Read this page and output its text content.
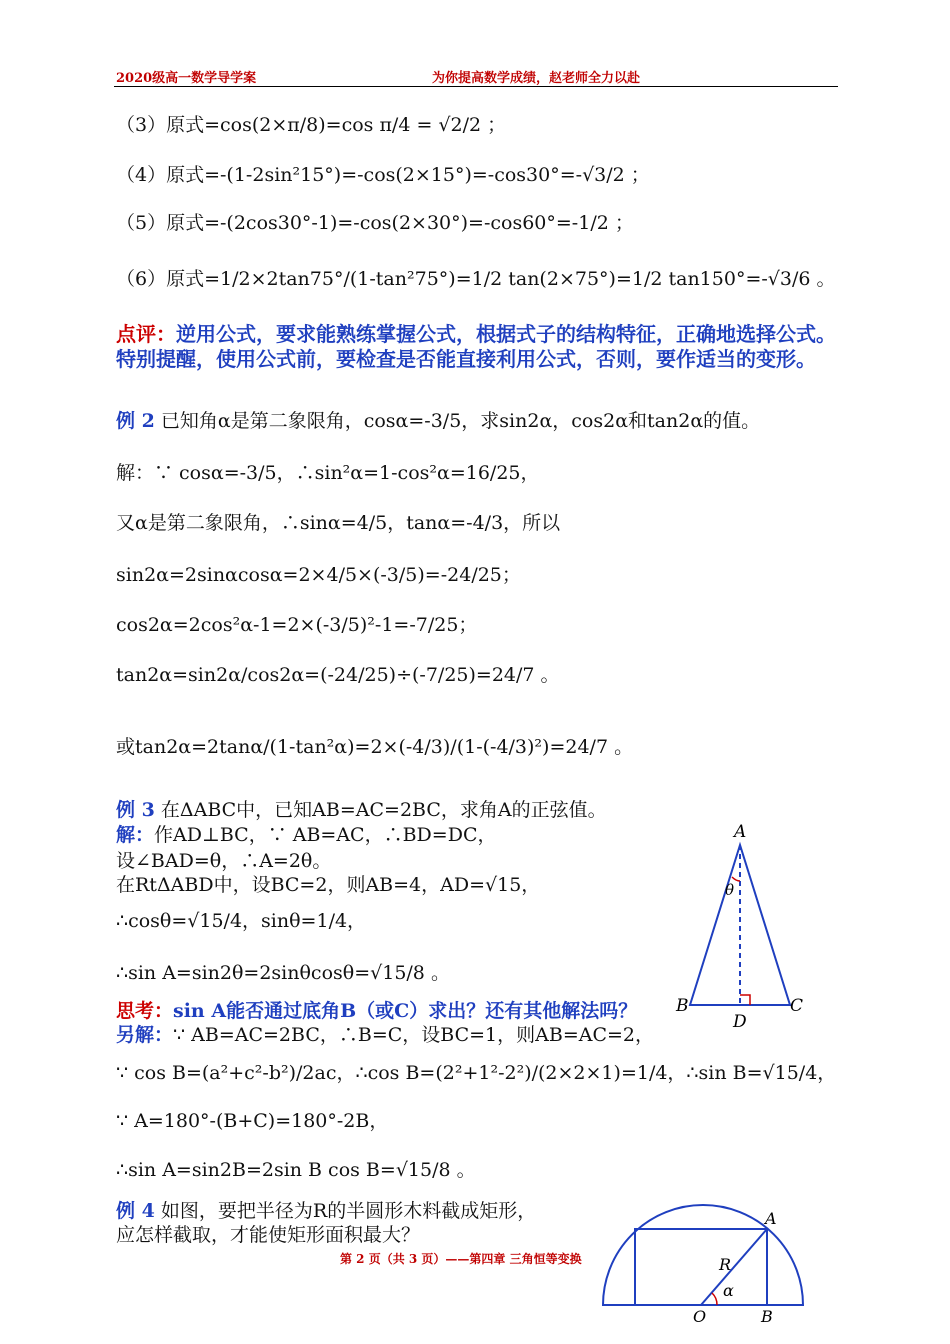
2020级高一数学导学案	为你提高数学成绩，赵老师全力以赴
（3）原式=cos(2×π/8)=cos π/4 = √2/2 ；
（4）原式=-(1-2sin²15°)=-cos(2×15°)=-cos30°=-√3/2 ；
（5）原式=-(2cos30°-1)=-cos(2×30°)=-cos60°=-1/2 ；
（6）原式=1/2×2tan75°/(1-tan²75°)=1/2 tan(2×75°)=1/2 tan150°=-√3/6 。
点评：逆用公式，要求能熟练掌握公式，根据式子的结构特征，正确地选择公式。特别提醒，使用公式前，要检查是否能直接利用公式，否则，要作适当的变形。
例 2 已知角α是第二象限角，cosα=-3/5，求sin2α，cos2α和tan2α的值。
解：∵ cosα=-3/5，∴sin²α=1-cos²α=16/25，
又α是第二象限角，∴sinα=4/5，tanα=-4/3，所以
sin2α=2sinαcosα=2×4/5×(-3/5)=-24/25；
cos2α=2cos²α-1=2×(-3/5)²-1=-7/25；
tan2α=sin2α/cos2α=(-24/25)÷(-7/25)=24/7 。
或tan2α=2tanα/(1-tan²α)=2×(-4/3)/(1-(-4/3)²)=24/7 。
例 3 在ΔABC中，已知AB=AC=2BC，求角A的正弦值。
解：作AD⊥BC，∵ AB=AC，∴BD=DC，
设∠BAD=θ，∴A=2θ。
在RtΔABD中，设BC=2，则AB=4，AD=√15，
∴cosθ=√15/4，sinθ=1/4，
∴sin A=sin2θ=2sinθcosθ=√15/8 。
思考：sin A能否通过底角B（或C）求出？还有其他解法吗？
另解：∵ AB=AC=2BC，∴B=C，设BC=1，则AB=AC=2，
∵ cos B=(a²+c²-b²)/2ac，∴cos B=(2²+1²-2²)/(2×2×1)=1/4，∴sin B=√15/4，
∵ A=180°-(B+C)=180°-2B，
∴sin A=sin2B=2sin B cos B=√15/8 。
A
B	C
D
θ
例 4 如图，要把半径为R的半圆形木料截成矩形，
应怎样截取，才能使矩形面积最大？
A
R
α
O	B
第 2 页（共 3 页）——第四章 三角恒等变换
